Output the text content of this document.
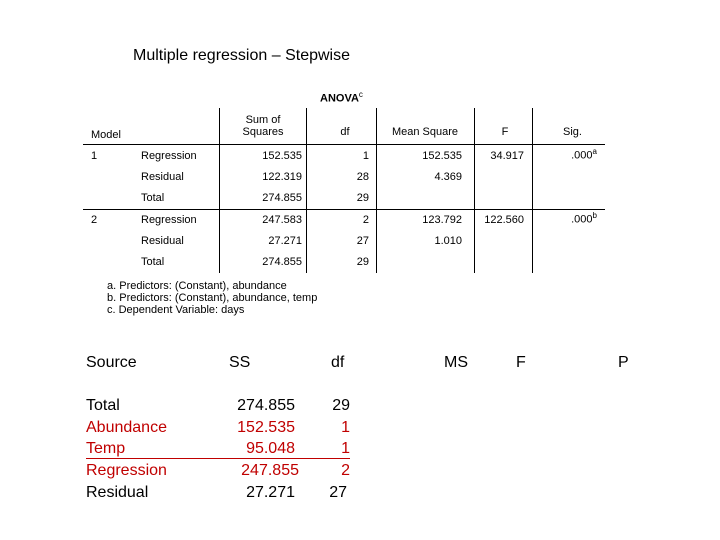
Multiple regression – Stepwise
ANOVA$^c$
Model
Sum of
Squares	df	Mean Square	F	Sig.
1	Regression	152.535	1	152.535	34.917	.000$^a$
Residual	122.319	28	4.369
Total	274.855	29
2	Regression	247.583	2	123.792	122.560	.000$^b$
Residual	27.271	27	1.010
Total	274.855	29
a. Predictors: (Constant), abundance
b. Predictors: (Constant), abundance, temp
c. Dependent Variable: days
Source	SS	df	MS	F	P
Total	274.855	29
Abundance	152.535	1
Temp	95.048	1
Regression	247.855	2
Residual	27.271	27
